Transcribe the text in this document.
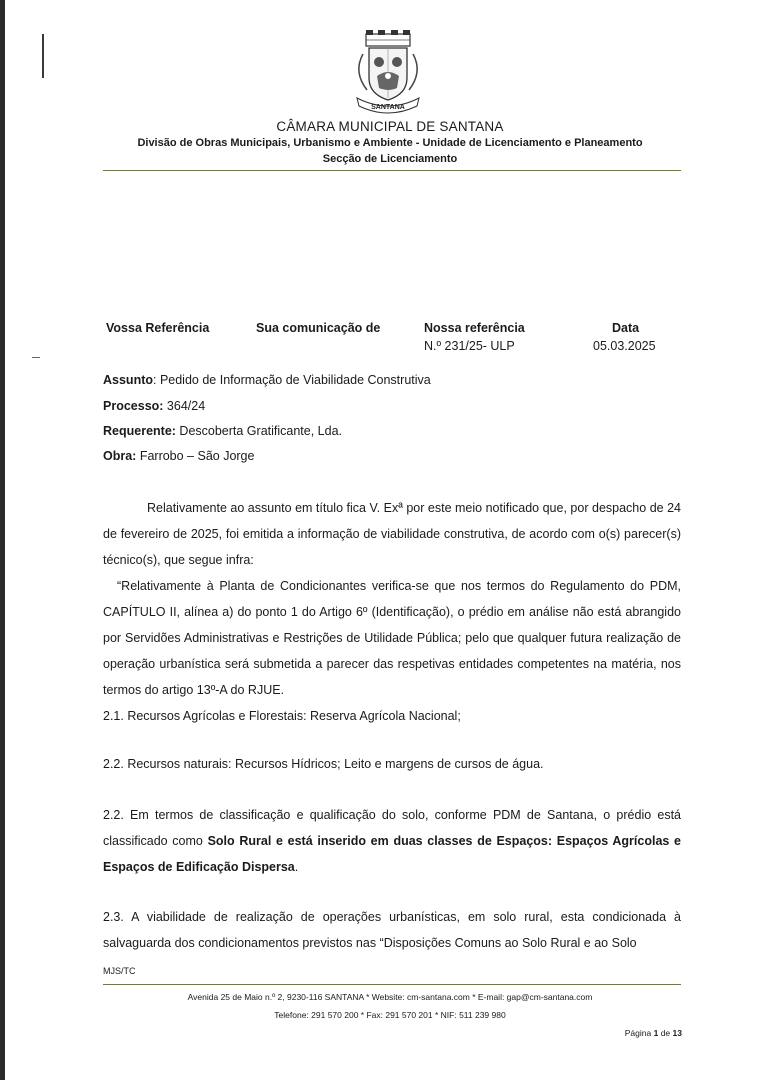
SANTANA
CÂMARA MUNICIPAL DE SANTANA
Divisão de Obras Municipais, Urbanismo e Ambiente - Unidade de Licenciamento e Planeamento
Secção de Licenciamento
Vossa Referência	Sua comunicação de	Nossa referência
N.º 231/25- ULP
Data
05.03.2025
Assunto: Pedido de Informação de Viabilidade Construtiva
Processo: 364/24
Requerente: Descoberta Gratificante, Lda.
Obra: Farrobo – São Jorge

Relativamente ao assunto em título fica V. Exª por este meio notificado que, por despacho de 24 de fevereiro de 2025, foi emitida a informação de viabilidade construtiva, de acordo com o(s) parecer(s) técnico(s), que segue infra:

“Relativamente à Planta de Condicionantes verifica-se que nos termos do Regulamento do PDM, CAPÍTULO II, alínea a) do ponto 1 do Artigo 6º (Identificação), o prédio em análise não está abrangido por Servidões Administrativas e Restrições de Utilidade Pública; pelo que qualquer futura realização de operação urbanística será submetida a parecer das respetivas entidades competentes na matéria, nos termos do artigo 13º-A do RJUE.

2.1. Recursos Agrícolas e Florestais: Reserva Agrícola Nacional;

2.2. Recursos naturais: Recursos Hídricos; Leito e margens de cursos de água.
2.2. Em termos de classificação e qualificação do solo, conforme PDM de Santana, o prédio está classificado como Solo Rural e está inserido em duas classes de Espaços: Espaços Agrícolas e Espaços de Edificação Dispersa.
2.3. A viabilidade de realização de operações urbanísticas, em solo rural, esta condicionada à salvaguarda dos condicionamentos previstos nas “Disposições Comuns ao Solo Rural e ao Solo
MJS/TC
Avenida 25 de Maio n.º 2, 9230-116 SANTANA * Website: cm-santana.com * E-mail: gap@cm-santana.com
Telefone: 291 570 200 * Fax: 291 570 201 * NIF: 511 239 980
Página 1 de 13
